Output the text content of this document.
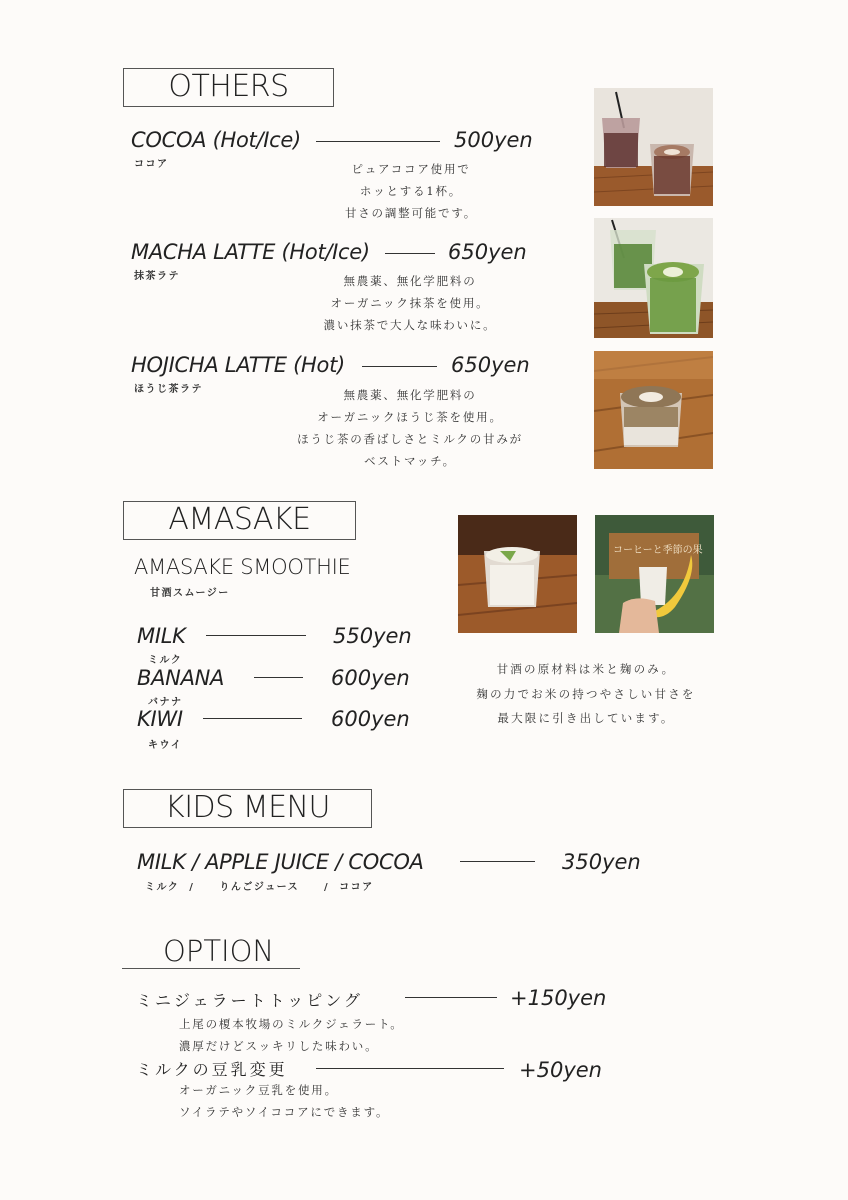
OTHERS
COCOA (Hot/Ice)
ココア
500yen
ピュアココア使用で
ホッとする1杯。
甘さの調整可能です。
MACHA LATTE (Hot/Ice)
抹茶ラテ
650yen
無農薬、無化学肥料の
オーガニック抹茶を使用。
濃い抹茶で大人な味わいに。
HOJICHA LATTE (Hot)
ほうじ茶ラテ
650yen
無農薬、無化学肥料の
オーガニックほうじ茶を使用。
ほうじ茶の香ばしさとミルクの甘みが
ベストマッチ。
AMASAKE
AMASAKE SMOOTHIE
甘酒スムージー
MILK
ミルク
550yen
BANANA
バナナ
600yen
KIWI
キウイ
600yen
コーヒーと季節の果
甘酒の原材料は米と麹のみ。
麹の力でお米の持つやさしい甘さを
最大限に引き出しています。
KIDS MENU
MILK / APPLE JUICE / COCOA
ミルク  /     りんごジュース     /  ココア
350yen
OPTION
ミニジェラートトッピング	+150yen
上尾の榎本牧場のミルクジェラート。
濃厚だけどスッキリした味わい。
ミルクの豆乳変更	+50yen
オーガニック豆乳を使用。
ソイラテやソイココアにできます。
